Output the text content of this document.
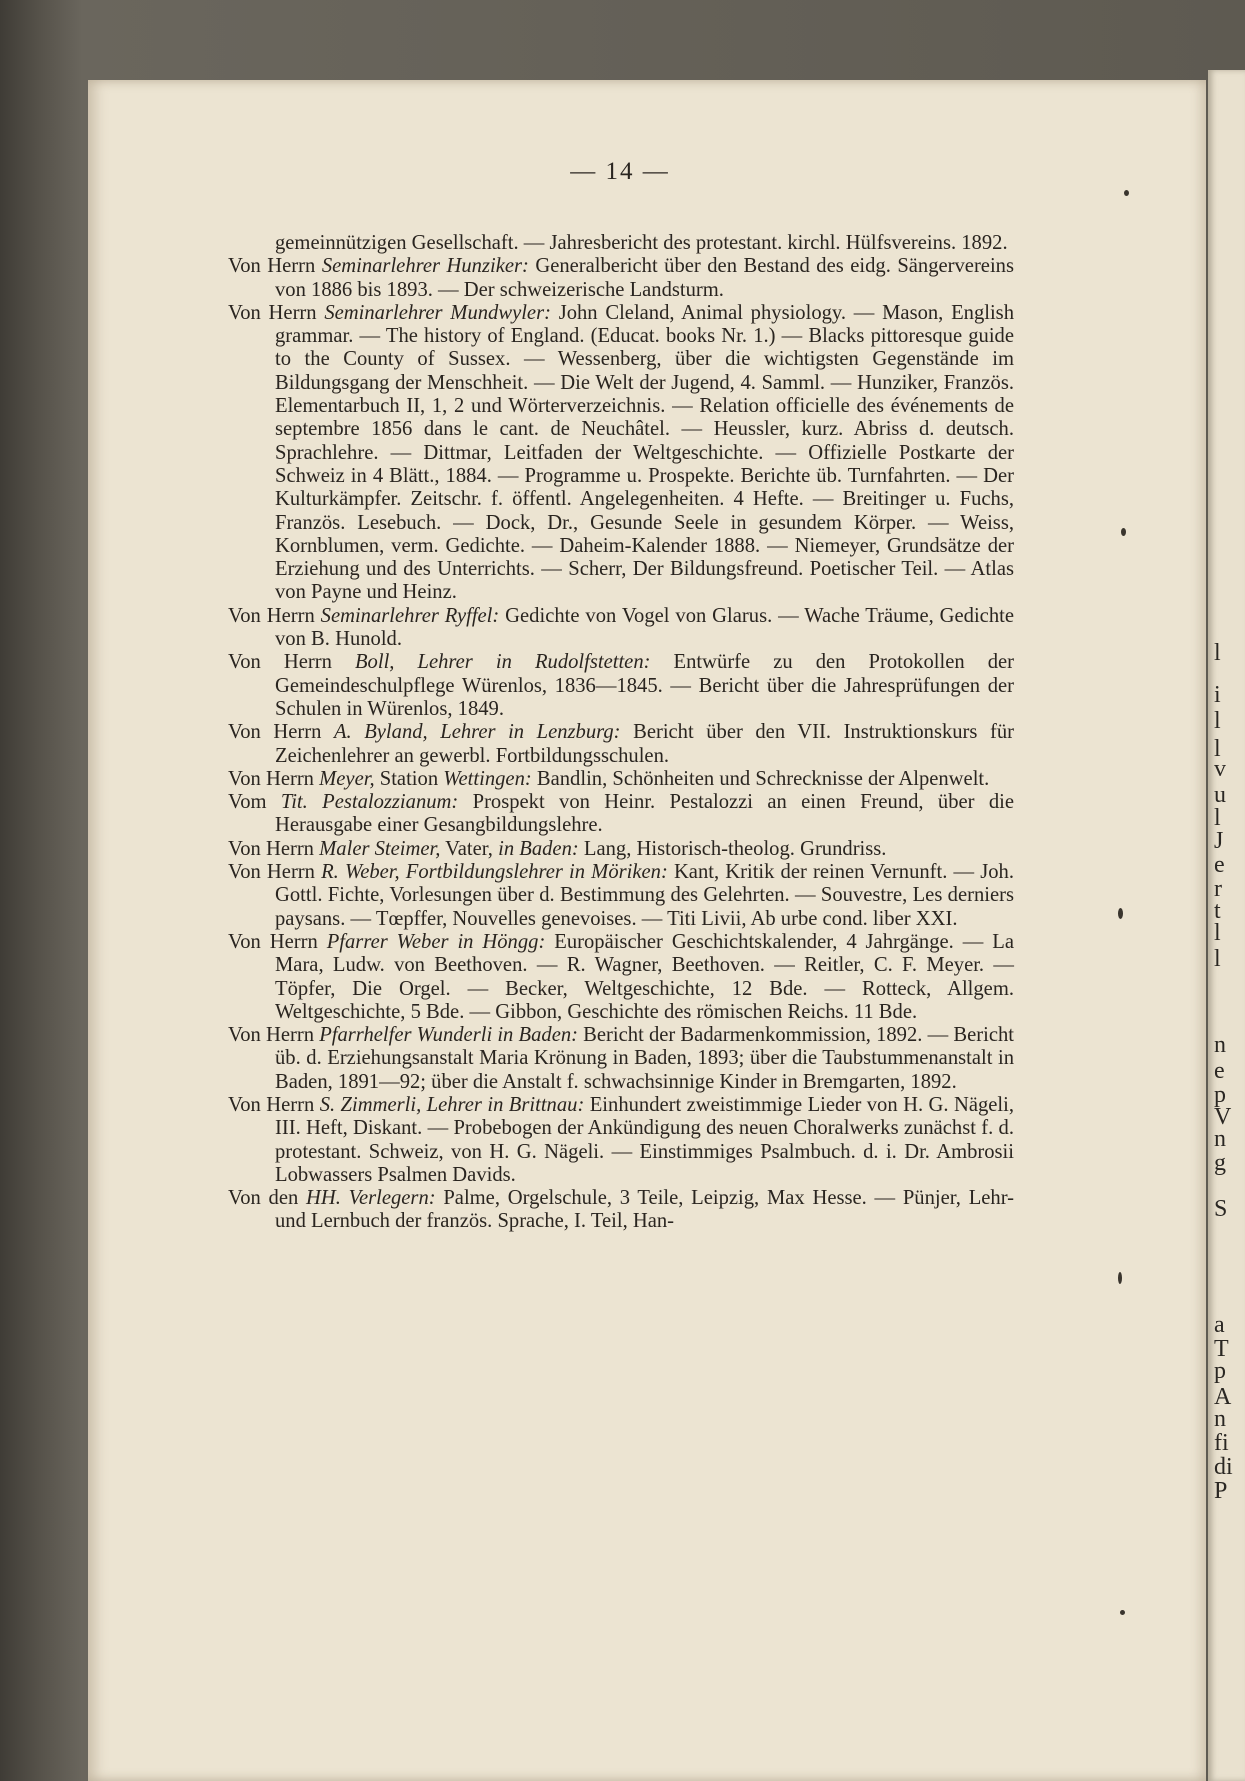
l
i
l
l
v
u
l
J
e
r
t
l
l
n
e
p
V
n
g
S
a
T
p
A
n
fi
di
P
— 14 —

gemeinnützigen Gesellschaft. — Jahresbericht des protestant. kirchl. Hülfsvereins. 1892.

Von Herrn Seminarlehrer Hunziker: Generalbericht über den Bestand des eidg. Sängervereins von 1886 bis 1893. — Der schweizerische Landsturm.

Von Herrn Seminarlehrer Mundwyler: John Cleland, Animal physiology. — Mason, English grammar. — The history of England. (Educat. books Nr. 1.) — Blacks pittoresque guide to the County of Sussex. — Wessenberg, über die wichtigsten Gegenstände im Bildungsgang der Menschheit. — Die Welt der Jugend, 4. Samml. — Hunziker, Französ. Elementarbuch II, 1, 2 und Wörterverzeichnis. — Relation officielle des événements de septembre 1856 dans le cant. de Neuchâtel. — Heussler, kurz. Abriss d. deutsch. Sprachlehre. — Dittmar, Leitfaden der Weltgeschichte. — Offizielle Postkarte der Schweiz in 4 Blätt., 1884. — Programme u. Prospekte. Berichte üb. Turnfahrten. — Der Kulturkämpfer. Zeitschr. f. öffentl. Angelegenheiten. 4 Hefte. — Breitinger u. Fuchs, Französ. Lesebuch. — Dock, Dr., Gesunde Seele in gesundem Körper. — Weiss, Kornblumen, verm. Gedichte. — Daheim-Kalender 1888. — Niemeyer, Grundsätze der Erziehung und des Unterrichts. — Scherr, Der Bildungsfreund. Poetischer Teil. — Atlas von Payne und Heinz.

Von Herrn Seminarlehrer Ryffel: Gedichte von Vogel von Glarus. — Wache Träume, Gedichte von B. Hunold.

Von Herrn Boll, Lehrer in Rudolfstetten: Entwürfe zu den Protokollen der Gemeindeschulpflege Würenlos, 1836—1845. — Bericht über die Jahresprüfungen der Schulen in Würenlos, 1849.

Von Herrn A. Byland, Lehrer in Lenzburg: Bericht über den VII. Instruktionskurs für Zeichenlehrer an gewerbl. Fortbildungsschulen.

Von Herrn Meyer, Station Wettingen: Bandlin, Schönheiten und Schrecknisse der Alpenwelt.

Vom Tit. Pestalozzianum: Prospekt von Heinr. Pestalozzi an einen Freund, über die Herausgabe einer Gesangbildungslehre.

Von Herrn Maler Steimer, Vater, in Baden: Lang, Historisch-theolog. Grundriss.

Von Herrn R. Weber, Fortbildungslehrer in Möriken: Kant, Kritik der reinen Vernunft. — Joh. Gottl. Fichte, Vorlesungen über d. Bestimmung des Gelehrten. — Souvestre, Les derniers paysans. — Tœpffer, Nouvelles genevoises. — Titi Livii, Ab urbe cond. liber XXI.

Von Herrn Pfarrer Weber in Höngg: Europäischer Geschichtskalender, 4 Jahrgänge. — La Mara, Ludw. von Beethoven. — R. Wagner, Beethoven. — Reitler, C. F. Meyer. — Töpfer, Die Orgel. — Becker, Weltgeschichte, 12 Bde. — Rotteck, Allgem. Weltgeschichte, 5 Bde. — Gibbon, Geschichte des römischen Reichs. 11 Bde.

Von Herrn Pfarrhelfer Wunderli in Baden: Bericht der Badarmenkommission, 1892. — Bericht üb. d. Erziehungsanstalt Maria Krönung in Baden, 1893; über die Taubstummenanstalt in Baden, 1891—92; über die Anstalt f. schwachsinnige Kinder in Bremgarten, 1892.

Von Herrn S. Zimmerli, Lehrer in Brittnau: Einhundert zweistimmige Lieder von H. G. Nägeli, III. Heft, Diskant. — Probebogen der Ankündigung des neuen Choralwerks zunächst f. d. protestant. Schweiz, von H. G. Nägeli. — Einstimmiges Psalmbuch. d. i. Dr. Ambrosii Lobwassers Psalmen Davids.

Von den HH. Verlegern: Palme, Orgelschule, 3 Teile, Leipzig, Max Hesse. — Pünjer, Lehr- und Lernbuch der französ. Sprache, I. Teil, Han-
